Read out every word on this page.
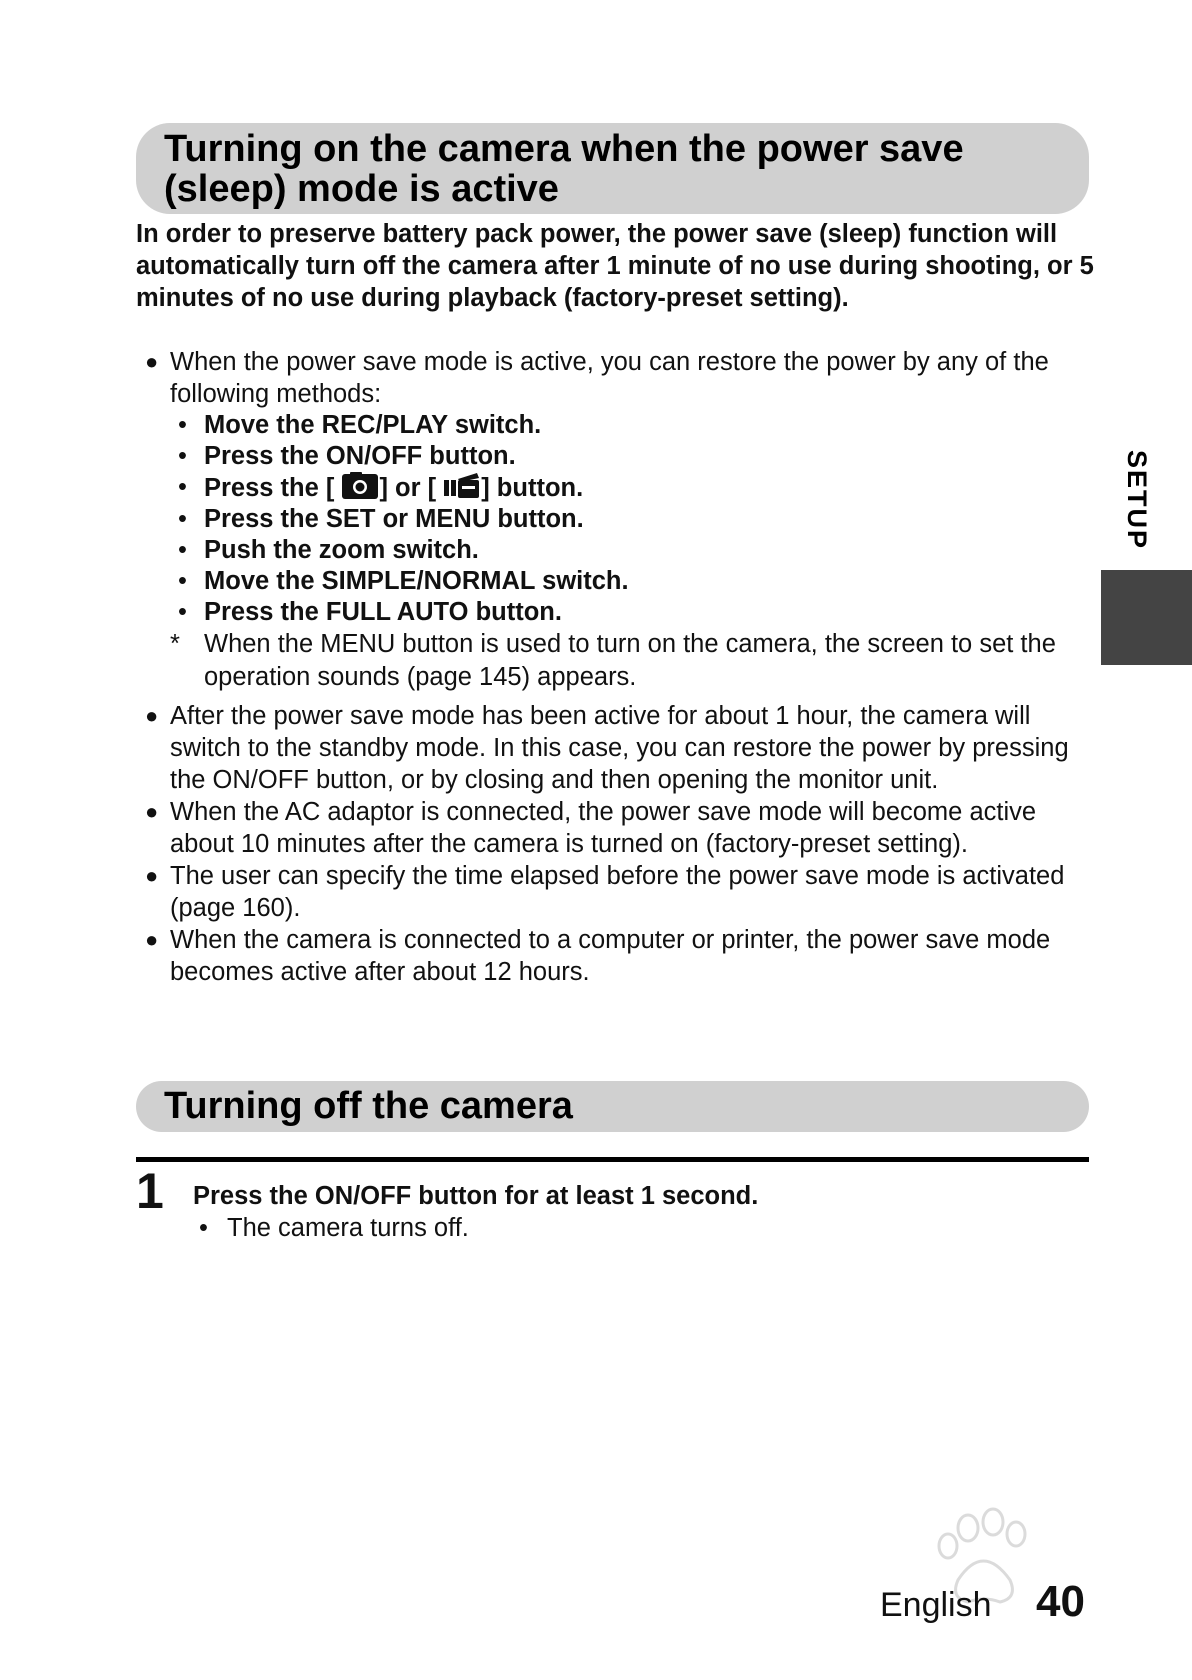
Turning on the camera when the power save
(sleep) mode is active

In order to preserve battery pack power, the power save (sleep) function will automatically turn off the camera after 1 minute of no use during shooting, or 5 minutes of no use during playback (factory-preset setting).

● When the power save mode is active, you can restore the power by any of the following methods:
• Move the REC/PLAY switch.
• Press the ON/OFF button.
• Press the [ ] or [ ] button.
• Press the SET or MENU button.
• Push the zoom switch.
• Move the SIMPLE/NORMAL switch.
• Press the FULL AUTO button.
* When the MENU button is used to turn on the camera, the screen to set the operation sounds (page 145) appears.
● After the power save mode has been active for about 1 hour, the camera will switch to the standby mode. In this case, you can restore the power by pressing the ON/OFF button, or by closing and then opening the monitor unit.
● When the AC adaptor is connected, the power save mode will become active about 10 minutes after the camera is turned on (factory-preset setting).
● The user can specify the time elapsed before the power save mode is activated (page 160).
● When the camera is connected to a computer or printer, the power save mode becomes active after about 12 hours.
Turning off the camera
1 Press the ON/OFF button for at least 1 second.
• The camera turns off.
SETUP
English 40
